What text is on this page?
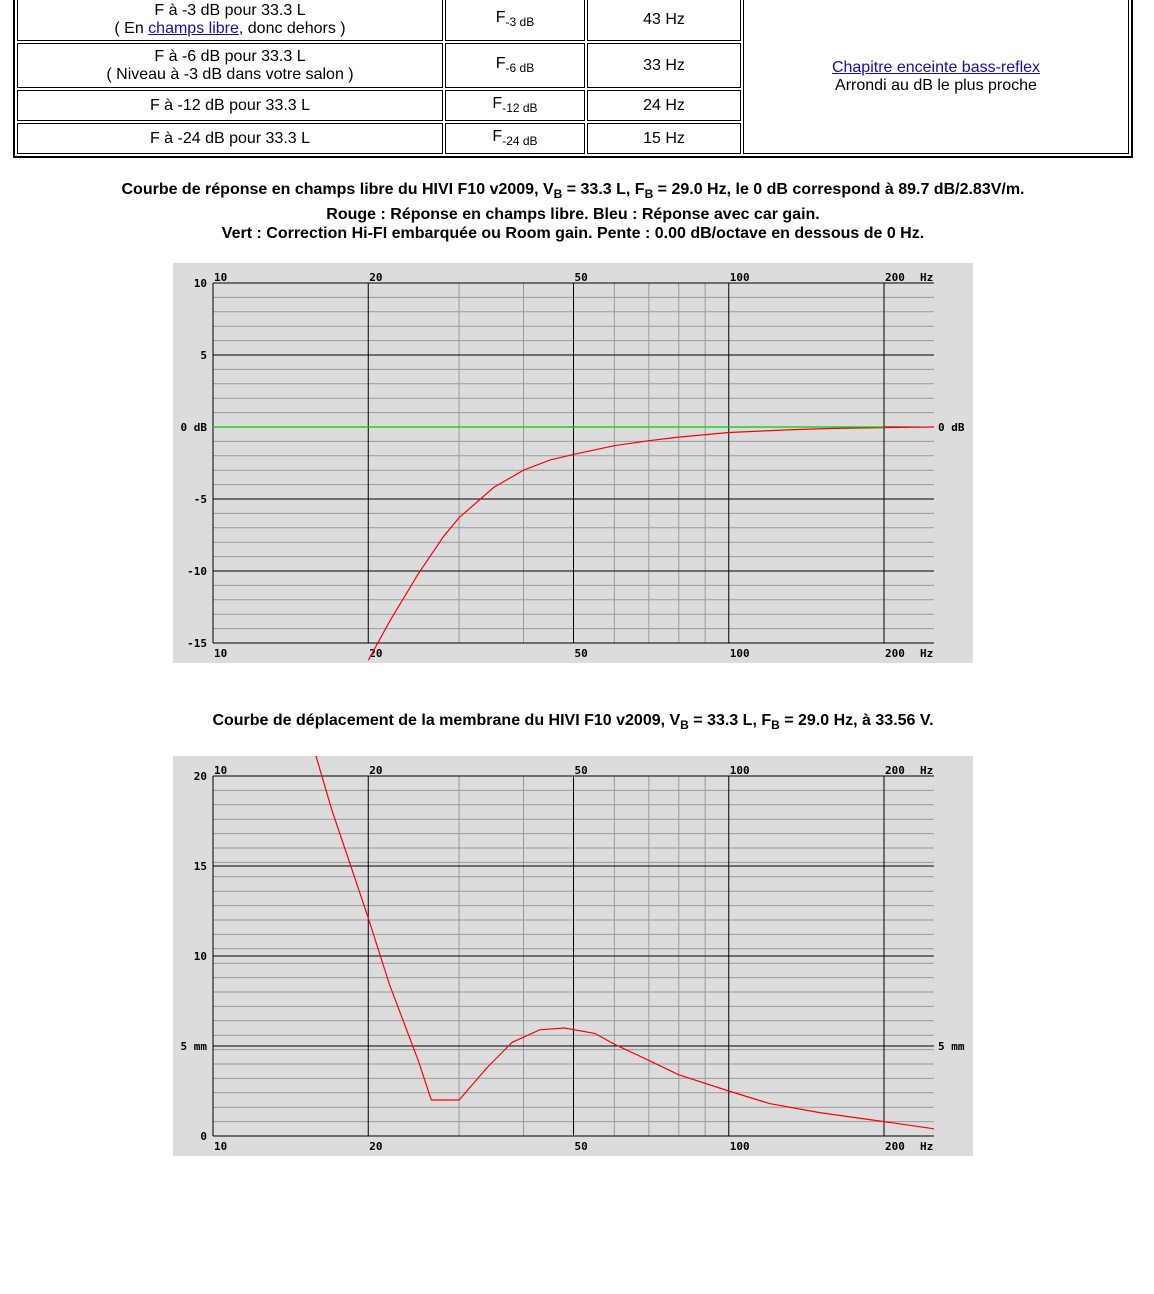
F à -3 dB pour 33.3 L
( En champs libre, donc dehors )	$F_{-3 dB}$	43 Hz	Chapitre enceinte bass-reflex
Arrondi au dB le plus proche
F à -6 dB pour 33.3 L
( Niveau à -3 dB dans votre salon )	$F_{-6 dB}$	33 Hz	
F à -12 dB pour 33.3 L	$F_{-12 dB}$	24 Hz	
F à -24 dB pour 33.3 L	$F_{-24 dB}$	15 Hz	
Courbe de réponse en champs libre du HIVI F10 v2009, $V_B = 33.3$ L, $F_B = 29.0$ Hz, le 0 dB correspond à 89.7 dB/2.83V/m.
Rouge : Réponse en champs libre. Bleu : Réponse avec car gain.
Vert : Correction Hi-FI embarquée ou Room gain. Pente : 0.00 dB/octave en dessous de 0 Hz.
10
5
0 dB
-5
-10
-15
10
10
20
20
50
50
100
100
200
200
Hz
Hz
0 dB
Courbe de déplacement de la membrane du HIVI F10 v2009, $V_B = 33.3$ L, $F_B = 29.0$ Hz, à 33.56 V.
20
15
10
5 mm
0
10
10
20
20
50
50
100
100
200
200
Hz
Hz
5 mm
